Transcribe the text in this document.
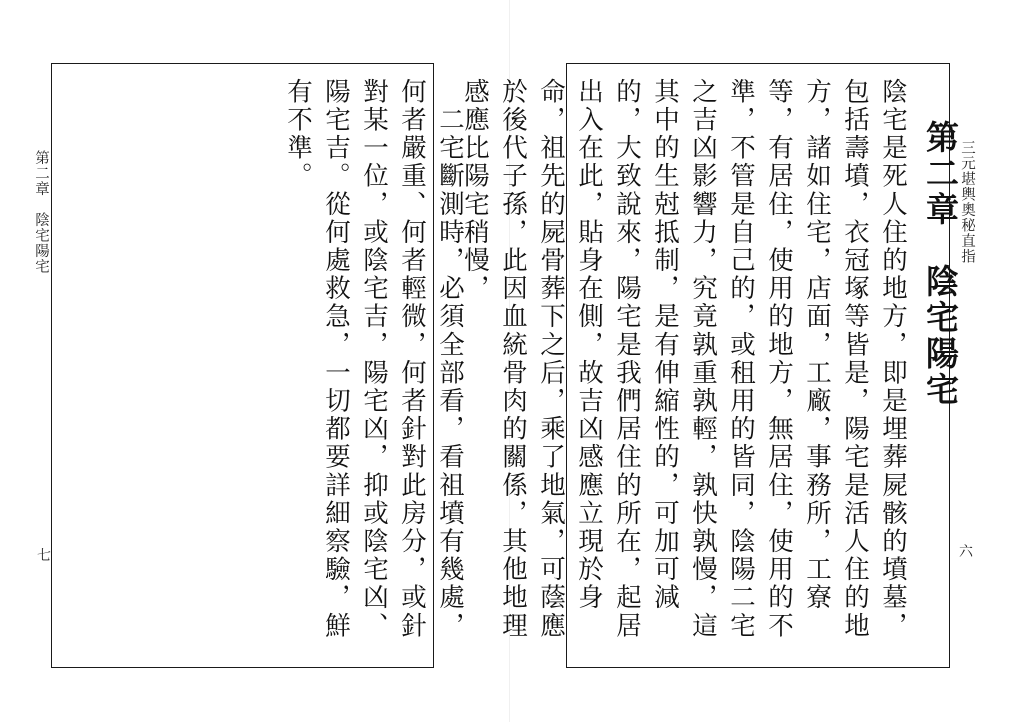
第二章　陰宅陽宅
七	　二宅斷測時，必須全部看，看祖墳有幾處，何者嚴重、何者輕微，何者針對此房分，或針對某一位，或陰宅吉，陽宅凶，抑或陰宅凶、陽宅吉。從何處救急，一切都要詳細察驗，鮮有不準。
三元堪輿奧秘直指
六
第二章　陰宅陽宅
陰宅是死人住的地方，即是埋葬屍骸的墳墓，包括壽墳，衣冠塚等皆是，陽宅是活人住的地方，諸如住宅，店面，工廠，事務所，工寮等，有居住，使用的地方，無居住，使用的不準，不管是自己的，或租用的皆同，陰陽二宅之吉凶影響力，究竟孰重孰輕，孰快孰慢，這其中的生尅抵制，是有伸縮性的，可加可減的，大致說來，陽宅是我們居住的所在，起居出入在此，貼身在側，故吉凶感應立現於身命，祖先的屍骨葬下之后，乘了地氣，可蔭應於後代子孫，此因血統骨肉的關係，其他地理感應比陽宅稍慢，
